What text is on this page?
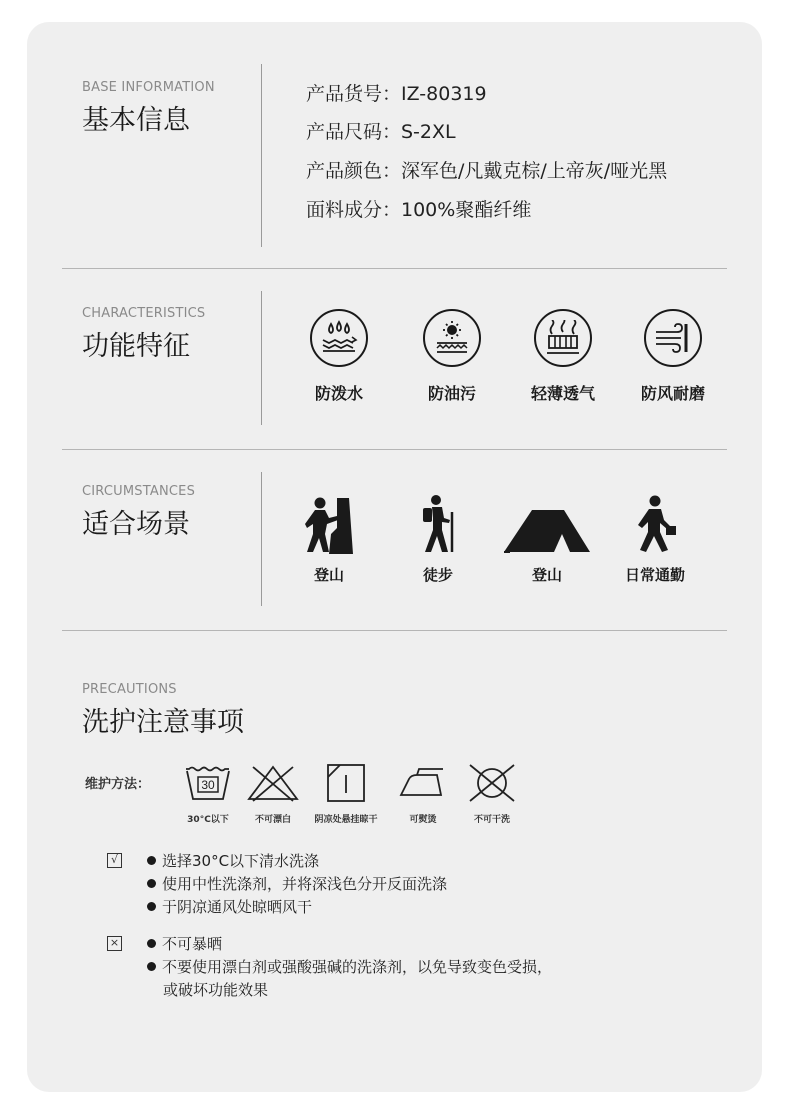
BASE INFORMATION
基本信息
产品货号：IZ-80319
产品尺码：S-2XL
产品颜色：深军色/凡戴克棕/上帝灰/哑光黑
面料成分：100%聚酯纤维
CHARACTERISTICS
功能特征
防泼水	防油污	轻薄透气	防风耐磨
CIRCUMSTANCES
适合场景
登山	徒步	登山	日常通勤
PRECAUTIONS
洗护注意事项
维护方法：	30
30°C以下	不可漂白	阴凉处悬挂晾干	可熨烫	不可干洗
√	选择30°C以下清水洗涤
使用中性洗涤剂，并将深浅色分开反面洗涤
于阴凉通风处晾晒风干
×	不可暴晒
不要使用漂白剂或强酸强碱的洗涤剂，以免导致变色受损，
或破坏功能效果
